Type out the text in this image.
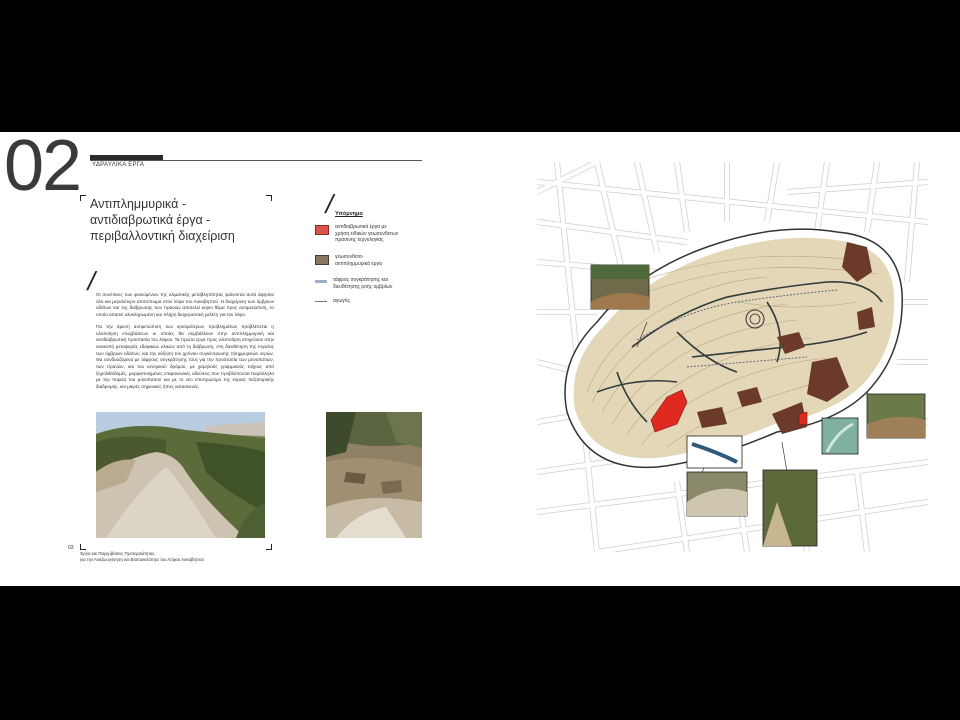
02 ΥΔΡΑΥΛΙΚΑ ΕΡΓΑ
Αντιπλημμυρικά -
αντιδιαβρωτικά έργα -
περιβαλλοντική διαχείριση
/
/

Οι συνέπειες των φαινομένων της κλιματικής μεταβλητότητας φαίνονται αυτά άφησαν όλο και μεγαλύτερο αποτύπωμα στον λόφο του Λυκαβηττού. Η διαχείριση των όμβριων υδάτων και της διάβρωσης των πρανών αποτελεί κύριο θέμα προς αντιμετώπιση, το οποίο απαιτεί ολοκληρωμένη και πλήρη διαχειριστική μελέτη για τον λόφο.

Για την άμεση αντιμετώπιση των κρισιμότερων προβλημάτων προβλέπεται η υλοποίηση επεμβάσεων οι οποίες θα συμβάλλουν στην αντιπλημμυρική και αντιδιαβρωτική προστασία του λόφου. Τα πρώτα έργα προς υλοποίηση στοχεύουν στην ανακοπή μεταφοράς εδαφικών υλικών από τη διάβρωση, στη διευθέτηση της πορείας των όμβριων υδάτων, και την αύξηση του χρόνου συγκέντρωσης πλημμυρικών νερών. Θα συνδυαζόμενα με τάφρους συγκράτησης τους για την προστασία των μονοπατιών, των πρανών, και του κεντρικού δρόμου, με χαμηλούς γραμμικούς τοίχους από ξηρολιθοδομές, μορφοποιημένες επιφανειακές οδεύσεις που προβλέπονται παράλληλα με την πορεία του μονοπατιού και με το νέο επιστρώσιμο της κύριας πεζοπορικής διαδρομής, και μικρές σημειακές ήπιες κατασκευές.

03
Έργα και Παρεμβάσεις Προτεραιότητας
για την Αναζωογόνηση και Βιοποικιλότητα του Λόφου Λυκαβηττού
Υπόμνημα
αντιδιαβρωτικά έργα με
χρήση ειδικών γεωσυνθετων
πράσινης τεχνολογίας
γεωσυνθετα-
αντιπλημμυρικά έργα
τάφρος συγκράτησης και
διευθέτησης ροής ομβρίων
αγωγός
